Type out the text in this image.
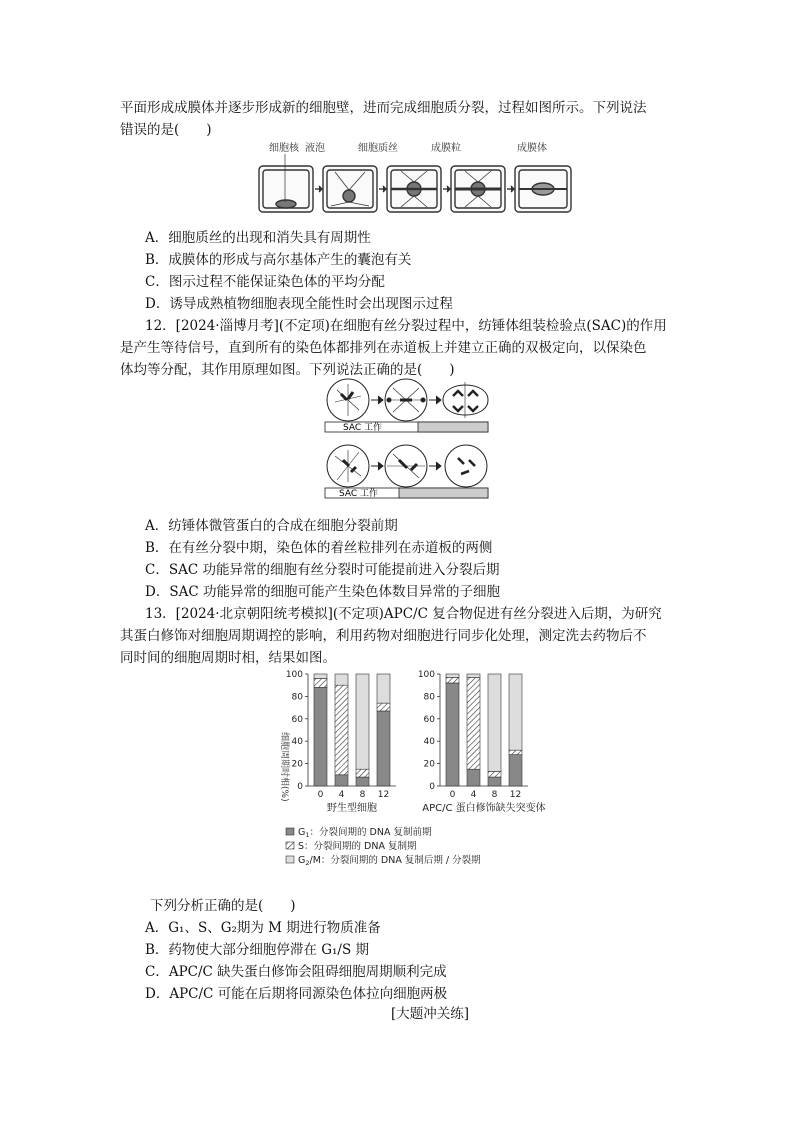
平面形成成膜体并逐步形成新的细胞壁，进而完成细胞质分裂，过程如图所示。下列说法
错误的是(　　)
细胞核 液泡	细胞质丝	成膜粒	成膜体
A．细胞质丝的出现和消失具有周期性
B．成膜体的形成与高尔基体产生的囊泡有关
C．图示过程不能保证染色体的平均分配
D．诱导成熟植物细胞表现全能性时会出现图示过程
12．[2024·淄博月考](不定项)在细胞有丝分裂过程中，纺锤体组装检验点(SAC)的作用
是产生等待信号，直到所有的染色体都排列在赤道板上并建立正确的双极定向，以保染色
体均等分配，其作用原理如图。下列说法正确的是(　　)
SAC 工作
SAC 工作
A．纺锤体微管蛋白的合成在细胞分裂前期
B．在有丝分裂中期，染色体的着丝粒排列在赤道板的两侧
C．SAC 功能异常的细胞有丝分裂时可能提前进入分裂后期
D．SAC 功能异常的细胞可能产生染色体数目异常的子细胞
13．[2024·北京朝阳统考模拟](不定项)APC/C 复合物促进有丝分裂进入后期，为研究
其蛋白修饰对细胞周期调控的影响，利用药物对细胞进行同步化处理，测定洗去药物后不
同时间的细胞周期时相，结果如图。
细胞周期时相(%)
100
80
60
40
20
0
0 4 8 12
野生型细胞
100
80
60
40
20
0
0 4 8 12
APC/C 蛋白修饰缺失突变体
$G_1$：分裂间期的 DNA 复制前期
S：分裂间期的 DNA 复制期
$G_2/M$：分裂间期的 DNA 复制后期 / 分裂期
下列分析正确的是(　　)
A．G₁、S、G₂期为 M 期进行物质准备
B．药物使大部分细胞停滞在 G₁/S 期
C．APC/C 缺失蛋白修饰会阻碍细胞周期顺利完成
D．APC/C 可能在后期将同源染色体拉向细胞两极
[大题冲关练]
